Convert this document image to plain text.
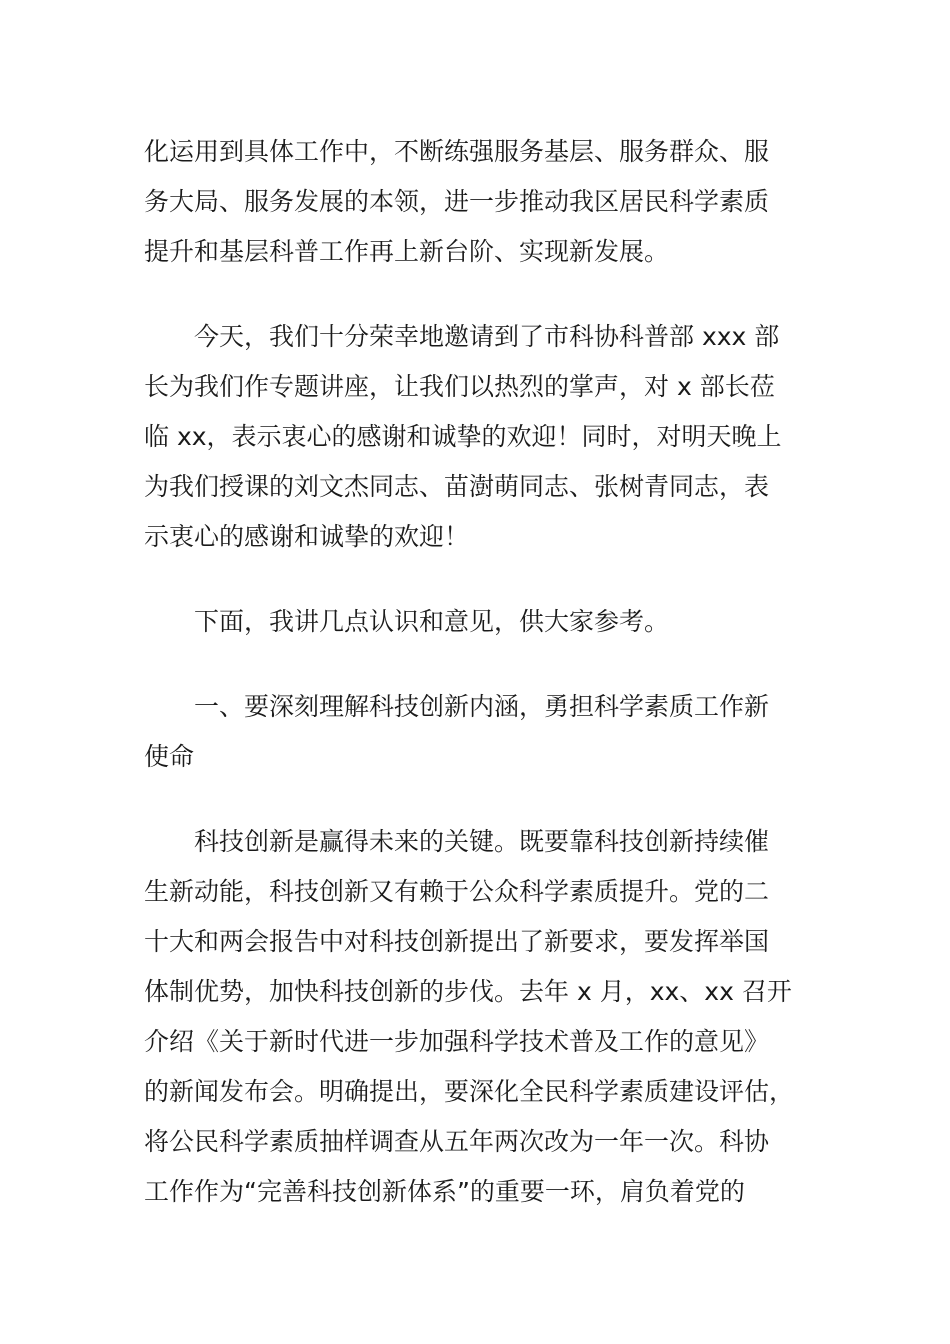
化运用到具体工作中，不断练强服务基层、服务群众、服
务大局、服务发展的本领，进一步推动我区居民科学素质
提升和基层科普工作再上新台阶、实现新发展。
今天，我们十分荣幸地邀请到了市科协科普部 xxx 部
长为我们作专题讲座，让我们以热烈的掌声，对 x 部长莅
临 xx，表示衷心的感谢和诚挚的欢迎！同时，对明天晚上
为我们授课的刘文杰同志、苗澍萌同志、张树青同志，表
示衷心的感谢和诚挚的欢迎！
下面，我讲几点认识和意见，供大家参考。
一、要深刻理解科技创新内涵，勇担科学素质工作新
使命
科技创新是赢得未来的关键。既要靠科技创新持续催
生新动能，科技创新又有赖于公众科学素质提升。党的二
十大和两会报告中对科技创新提出了新要求，要发挥举国
体制优势，加快科技创新的步伐。去年 x 月，xx、xx 召开
介绍《关于新时代进一步加强科学技术普及工作的意见》
的新闻发布会。明确提出，要深化全民科学素质建设评估，
将公民科学素质抽样调查从五年两次改为一年一次。科协
工作作为“完善科技创新体系”的重要一环，肩负着党的
